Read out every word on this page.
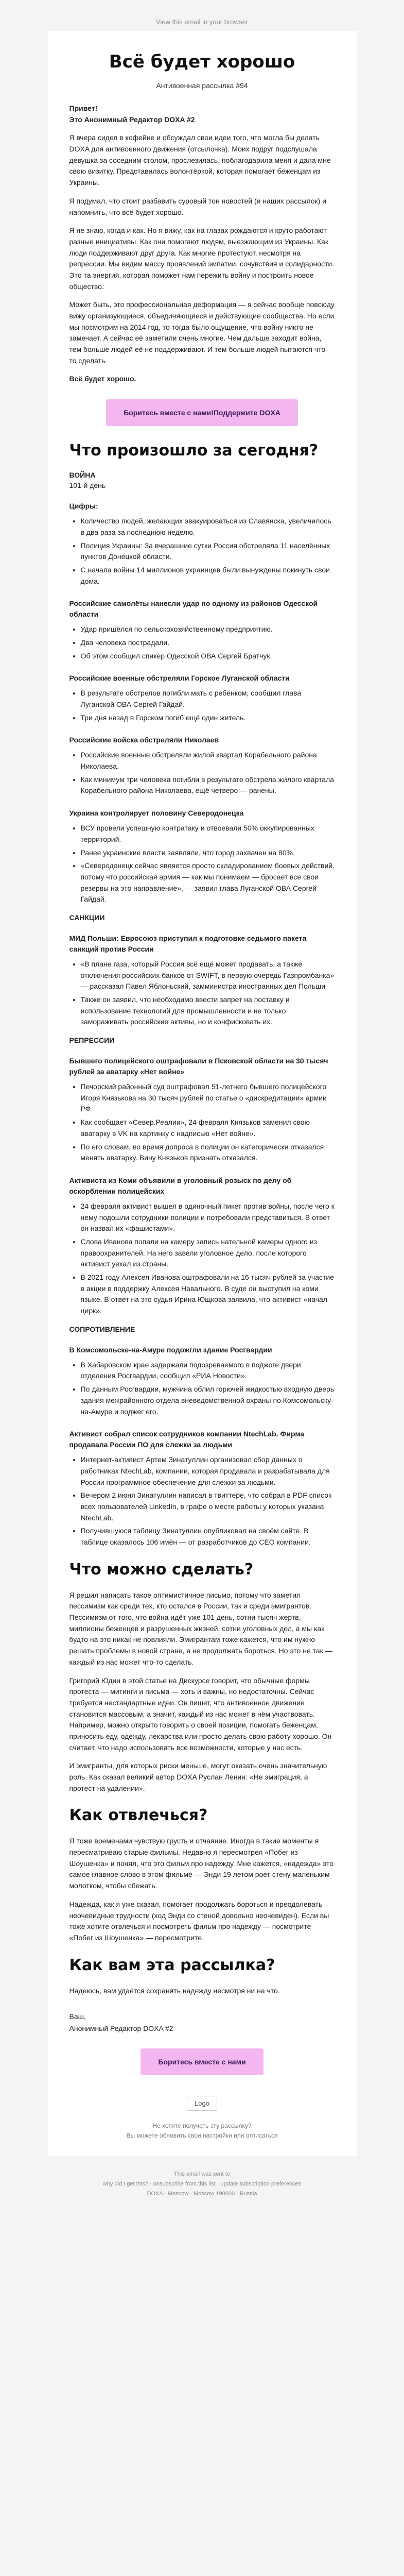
View this email in your browser
Всё будет хорошо
Антивоенная рассылка #94

Привет!
Это Анонимный Редактор DOXA #2

Я вчера сидел в кофейне и обсуждал свои идеи того, что могла бы делать DOXA для антивоенного движения (отсылочка). Моих подруг подслушала девушка за соседним столом, прослезилась, поблагодарила меня и дала мне свою визитку. Представилась волонтёркой, которая помогает беженцам из Украины.

Я подумал, что стоит разбавить суровый тон новостей (и наших рассылок) и напомнить, что всё будет хорошо.

Я не знаю, когда и как. Но я вижу, как на глазах рождаются и круто работают разные инициативы. Как они помогают людям, выезжающим из Украины. Как люди поддерживают друг друга. Как многие протестуют, несмотря на репрессии. Мы видим массу проявлений эмпатии, сочувствия и солидарности. Это та энергия, которая поможет нам пережить войну и построить новое общество.

Может быть, это профессиональная деформация — я сейчас вообще повсюду вижу организующиеся, объединяющиеся и действующие сообщества. Но если мы посмотрим на 2014 год, то тогда было ощущение, что войну никто не замечает. А сейчас её заметили очень многие. Чем дальше заходит война, тем больше людей её не поддерживают. И тем больше людей пытаются что-то сделать.

Всё будет хорошо.

Боритесь вместе с нами!Поддержите DOXA
Что произошло за сегодня?
ВОЙНА
101-й день
Цифры:
• Количество людей, желающих эвакуироваться из Славянска, увеличилось в два раза за последнюю неделю.
• Полиция Украины: За вчерашние сутки Россия обстреляла 11 населённых пунктов Донецкой области.
• С начала войны 14 миллионов украинцев были вынуждены покинуть свои дома.
Российские самолёты нанесли удар по одному из районов Одесской области
• Удар пришёлся по сельскохозяйственному предприятию.
• Два человека пострадали.
• Об этом сообщил спикер Одесской ОВА Сергей Братчук.
Российские военные обстреляли Горское Луганской области
• В результате обстрелов погибли мать с ребёнком, сообщил глава Луганской ОВА Сергей Гайдай.
• Три дня назад в Горском погиб ещё один житель.
Российские войска обстреляли Николаев
• Российские военные обстреляли жилой квартал Корабельного района Николаева.
• Как минимум три человека погибли в результате обстрела жилого квартала Корабельного района Николаева, ещё четверо — ранены.
Украина контролирует половину Северодонецка
• ВСУ провели успешную контратаку и отвоевали 50% оккупированных территорий.
• Ранее украинские власти заявляли, что город захвачен на 80%.
• «Северодонецк сейчас является просто складированием боевых действий, потому что российская армия — как мы понимаем — бросает все свои резервы на это направление», — заявил глава Луганской ОВА Сергей Гайдай.
САНКЦИИ
МИД Польши: Евросоюз приступил к подготовке седьмого пакета санкций против России
• «В плане газа, который Россия всё ещё может продавать, а также отключения российских банков от SWIFT, в первую очередь Газпромбанка» — рассказал Павел Яблоньский, замминистра иностранных дел Польши
• Также он заявил, что необходимо ввести запрет на поставку и использование технологий для промышленности и не только замораживать российские активы, но и конфисковать их.
РЕПРЕССИИ
Бывшего полицейского оштрафовали в Псковской области на 30 тысяч рублей за аватарку «Нет войне»
• Печорский районный суд оштрафовал 51-летнего бывшего полицейского Игоря Князькова на 30 тысяч рублей по статье о «дискредитации» армии РФ.
• Как сообщает «Север.Реалии», 24 февраля Князьков заменил свою аватарку в VK на картинку с надписью «Нет войне».
• По его словам, во время допроса в полиции он категорически отказался менять аватарку. Вину Князьков признать отказался.
Активиста из Коми объявили в уголовный розыск по делу об оскорблении полицейских
• 24 февраля активист вышел в одиночный пикет против войны, после чего к нему подошли сотрудники полиции и потребовали представиться. В ответ он назвал их «фашистами».
• Слова Иванова попали на камеру запись нательной камеры одного из правоохранителей. На него завели уголовное дело, после которого активист уехал из страны.
• В 2021 году Алексея Иванова оштрафовали на 16 тысяч рублей за участие в акции в поддержку Алексея Навального. В суде он выступил на коми языке. В ответ на это судья Ирина Ющкова заявила, что активист «начал цирк».
СОПРОТИВЛЕНИЕ
В Комсомольске-на-Амуре подожгли здание Росгвардии
• В Хабаровском крае задержали подозреваемого в поджоге двери отделения Росгвардии, сообщил «РИА Новости».
• По данным Росгвардии, мужчина облил горючей жидкостью входную дверь здания межрайонного отдела вневедомственной охраны по Комсомольску-на-Амуре и поджег его.
Активист собрал список сотрудников компании NtechLab. Фирма продавала России ПО для слежки за людьми
• Интернет-активист Артем Зинатуллин организовал сбор данных о работниках NtechLab, компании, которая продавала и разрабатывала для России программное обеспечение для слежки за людьми.
• Вечером 2 июня Зинатуллин написал в твиттере, что собрал в PDF список всех пользователей LinkedIn, в графе о месте работы у которых указана NtechLab.
• Получившуюся таблицу Зинатуллин опубликовал на своём сайте. В таблице оказалось 106 имён — от разработчиков до CEO компании.
Что можно сделать?

Я решил написать такое оптимистичное письмо, потому что заметил пессимизм как среди тех, кто остался в России, так и среди эмигрантов. Пессимизм от того, что война идёт уже 101 день, сотни тысяч жертв, миллионы беженцев и разрушенных жизней, сотни уголовных дел, а мы как будто на это никак не повлияли. Эмигрантам тоже кажется, что им нужно решать проблемы в новой стране, а не продолжать бороться. Но это не так — каждый из нас может что-то сделать.

Григорий Юдин в этой статье на Дискурсе говорит, что обычные формы протеста — митинги и письма — хоть и важны, но недостаточны. Сейчас требуется нестандартные идеи. Он пишет, что антивоенное движение становится массовым, а значит, каждый из нас может в нём участвовать. Например, можно открыто говорить о своей позиции, помогать беженцам, приносить еду, одежду, лекарства или просто делать свою работу хорошо. Он считает, что надо использовать все возможности, которые у нас есть.

И эмигранты, для которых риски меньше, могут оказать очень значительную роль. Как сказал великий автор DOXA Руслан Ленин: «Не эмиграция, а протест на удалении».

Как отвлечься?

Я тоже временами чувствую грусть и отчаяние. Иногда в такие моменты я пересматриваю старые фильмы. Недавно я пересмотрел «Побег из Шоушенка» и понял, что это фильм про надежду. Мне кажется, «надежда» это самое главное слово в этом фильме — Энди 19 летом роет стену маленьким молотком, чтобы сбежать.

Надежда, как я уже сказал, помогает продолжать бороться и преодолевать неочевидные трудности (ход Энди со стеной довольно неочевиден). Если вы тоже хотите отвлечься и посмотреть фильм про надежду — посмотрите «Побег из Шоушенка» — пересмотрите.

Как вам эта рассылка?

Надеюсь, вам удаётся сохранять надежду несмотря ни на что.

Ваш,
Анонимный Редактор DOXA #2
Боритесь вместе с нами
Logo
Не хотите получать эту рассылку?
Вы можете обновить свои настройки или отписаться
This email was sent to
why did I get this? · unsubscribe from this list · update subscription preferences
DOXA · Moscow · Moscow 190000 · Russia
